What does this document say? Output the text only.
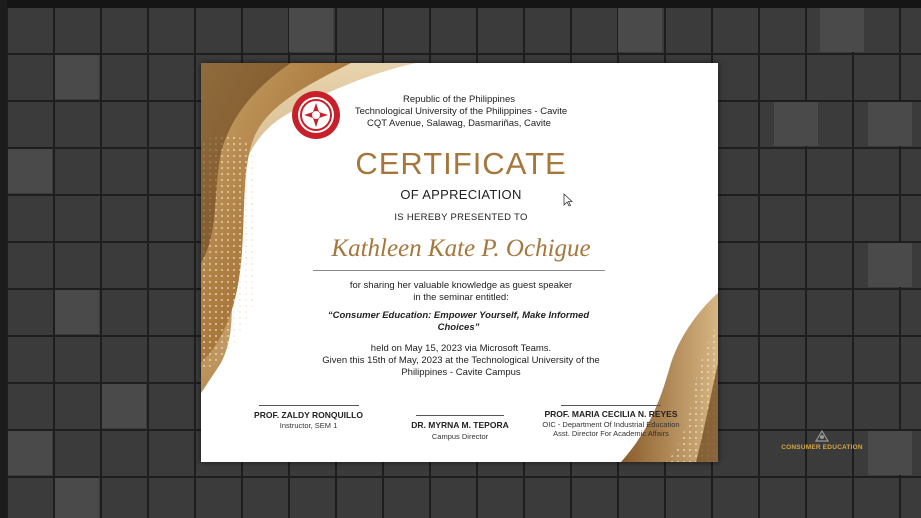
Republic of the Philippines
Technological University of the Philippines - Cavite
CQT Avenue, Salawag, Dasmariñas, Cavite
CERTIFICATE
OF APPRECIATION
IS HEREBY PRESENTED TO
Kathleen Kate P. Ochigue
for sharing her valuable knowledge as guest speaker
in the seminar entitled:
“Consumer Education: Empower Yourself, Make Informed Choices”
held on May 15, 2023 via Microsoft Teams.
Given this 15th of May, 2023 at the Technological University of the
Philippines - Cavite Campus
PROF. ZALDY RONQUILLO
Instructor, SEM 1	DR. MYRNA M. TEPORA
Campus Director
PROF. MARIA CECILIA N. REYES
OIC - Department Of Industrial Education
Asst. Director For Academic Affairs
CONSUMER EDUCATION
